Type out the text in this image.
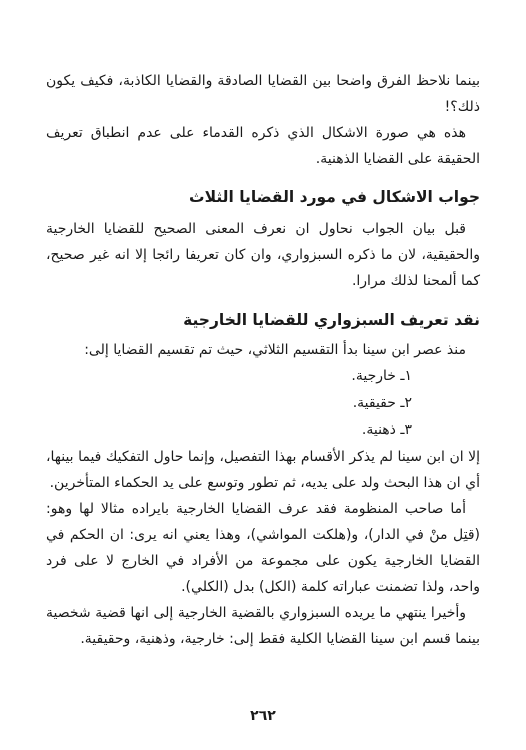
بينما نلاحظ الفرق واضحا بين القضايا الصادقة والقضايا الكاذبة، فكيف يكون ذلك؟!

هذه هي صورة الاشكال الذي ذكره القدماء على عدم انطباق تعريف الحقيقة على القضايا الذهنية.

جواب الاشكال في مورد القضايا الثلاث

قبل بيان الجواب نحاول ان نعرف المعنى الصحيح للقضايا الخارجية والحقيقية، لان ما ذكره السبزواري، وان كان تعريفا رائجا إلا انه غير صحيح، كما ألمحنا لذلك مرارا.

نقد تعريف السبزواري للقضايا الخارجية

منذ عصر ابن سينا بدأ التقسيم الثلاثي، حيث تم تقسيم القضايا إلى:

١ـ خارجية.

٢ـ حقيقية.

٣ـ ذهنية.

إلا ان ابن سينا لم يذكر الأقسام بهذا التفصيل، وإنما حاول التفكيك فيما بينها، أي ان هذا البحث ولد على يديه، ثم تطور وتوسع على يد الحكماء المتأخرين.

أما صاحب المنظومة فقد عرف القضايا الخارجية بايراده مثالا لها وهو: (قتِل منْ في الدار)، و(هلكت المواشي)، وهذا يعني انه يرى: ان الحكم في القضايا الخارجية يكون على مجموعة من الأفراد في الخارج لا على فرد واحد، ولذا تضمنت عباراته كلمة (الكل) بدل (الكلي).

وأخيرا ينتهي ما يريده السبزواري بالقضية الخارجية إلى انها قضية شخصية بينما قسم ابن سينا القضايا الكلية فقط إلى: خارجية، وذهنية، وحقيقية.

٢٦٢
